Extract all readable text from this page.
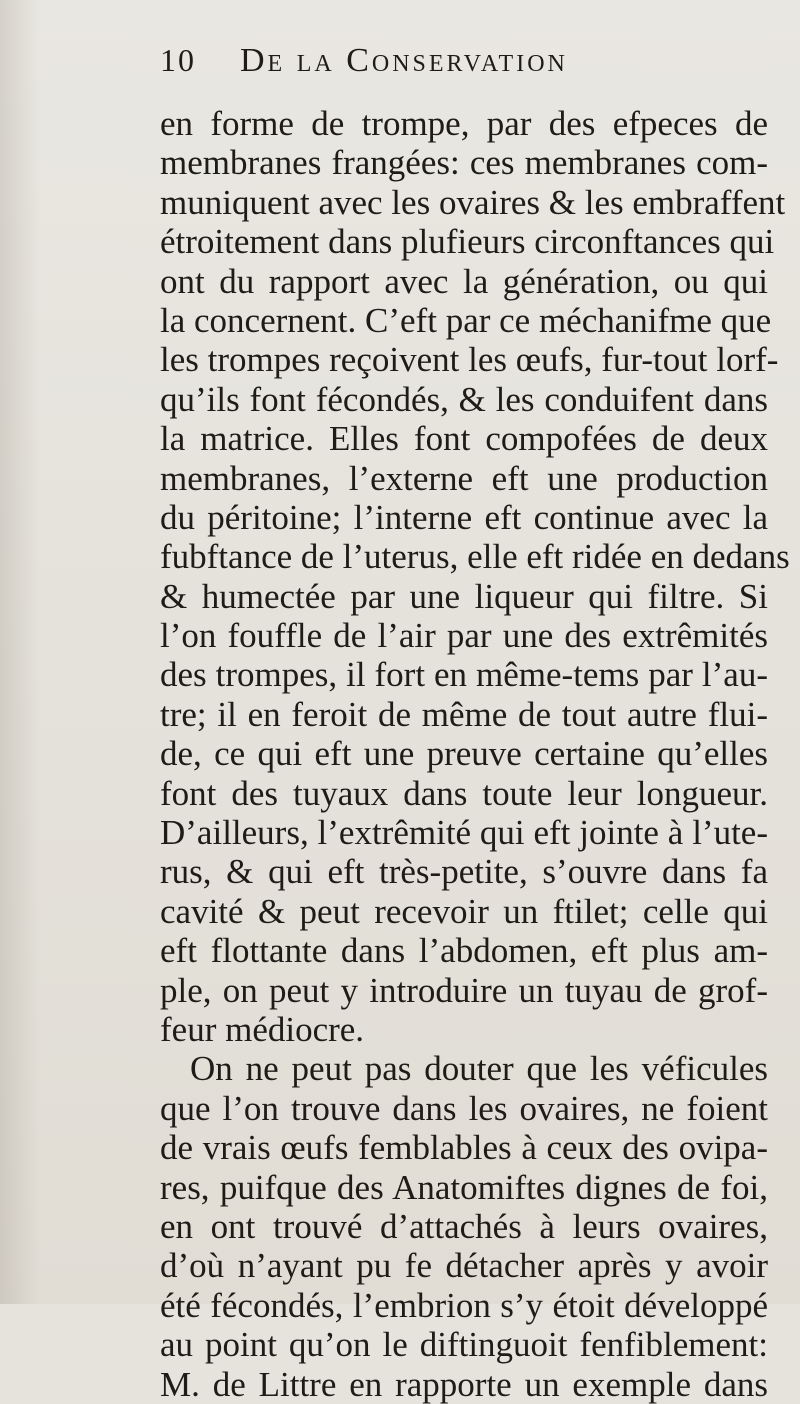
10 De la Conservation
en forme de trompe, par des efpeces de
membranes frangées: ces membranes com-
muniquent avec les ovaires & les embraffent
étroitement dans plufieurs circonftances qui
ont du rapport avec la génération, ou qui
la concernent. C’eft par ce méchanifme que
les trompes reçoivent les œufs, fur-tout lorf-
qu’ils font fécondés, & les conduifent dans
la matrice. Elles font compofées de deux
membranes, l’externe eft une production
du péritoine; l’interne eft continue avec la
fubftance de l’uterus, elle eft ridée en dedans
& humectée par une liqueur qui filtre. Si
l’on fouffle de l’air par une des extrêmités
des trompes, il fort en même-tems par l’au-
tre; il en feroit de même de tout autre flui-
de, ce qui eft une preuve certaine qu’elles
font des tuyaux dans toute leur longueur.
D’ailleurs, l’extrêmité qui eft jointe à l’ute-
rus, & qui eft très-petite, s’ouvre dans fa
cavité & peut recevoir un ftilet; celle qui
eft flottante dans l’abdomen, eft plus am-
ple, on peut y introduire un tuyau de grof-
feur médiocre.
On ne peut pas douter que les véficules
que l’on trouve dans les ovaires, ne foient
de vrais œufs femblables à ceux des ovipa-
res, puifque des Anatomiftes dignes de foi,
en ont trouvé d’attachés à leurs ovaires,
d’où n’ayant pu fe détacher après y avoir
été fécondés, l’embrion s’y étoit développé
au point qu’on le diftinguoit fenfiblement:
M. de Littre en rapporte un exemple dans
